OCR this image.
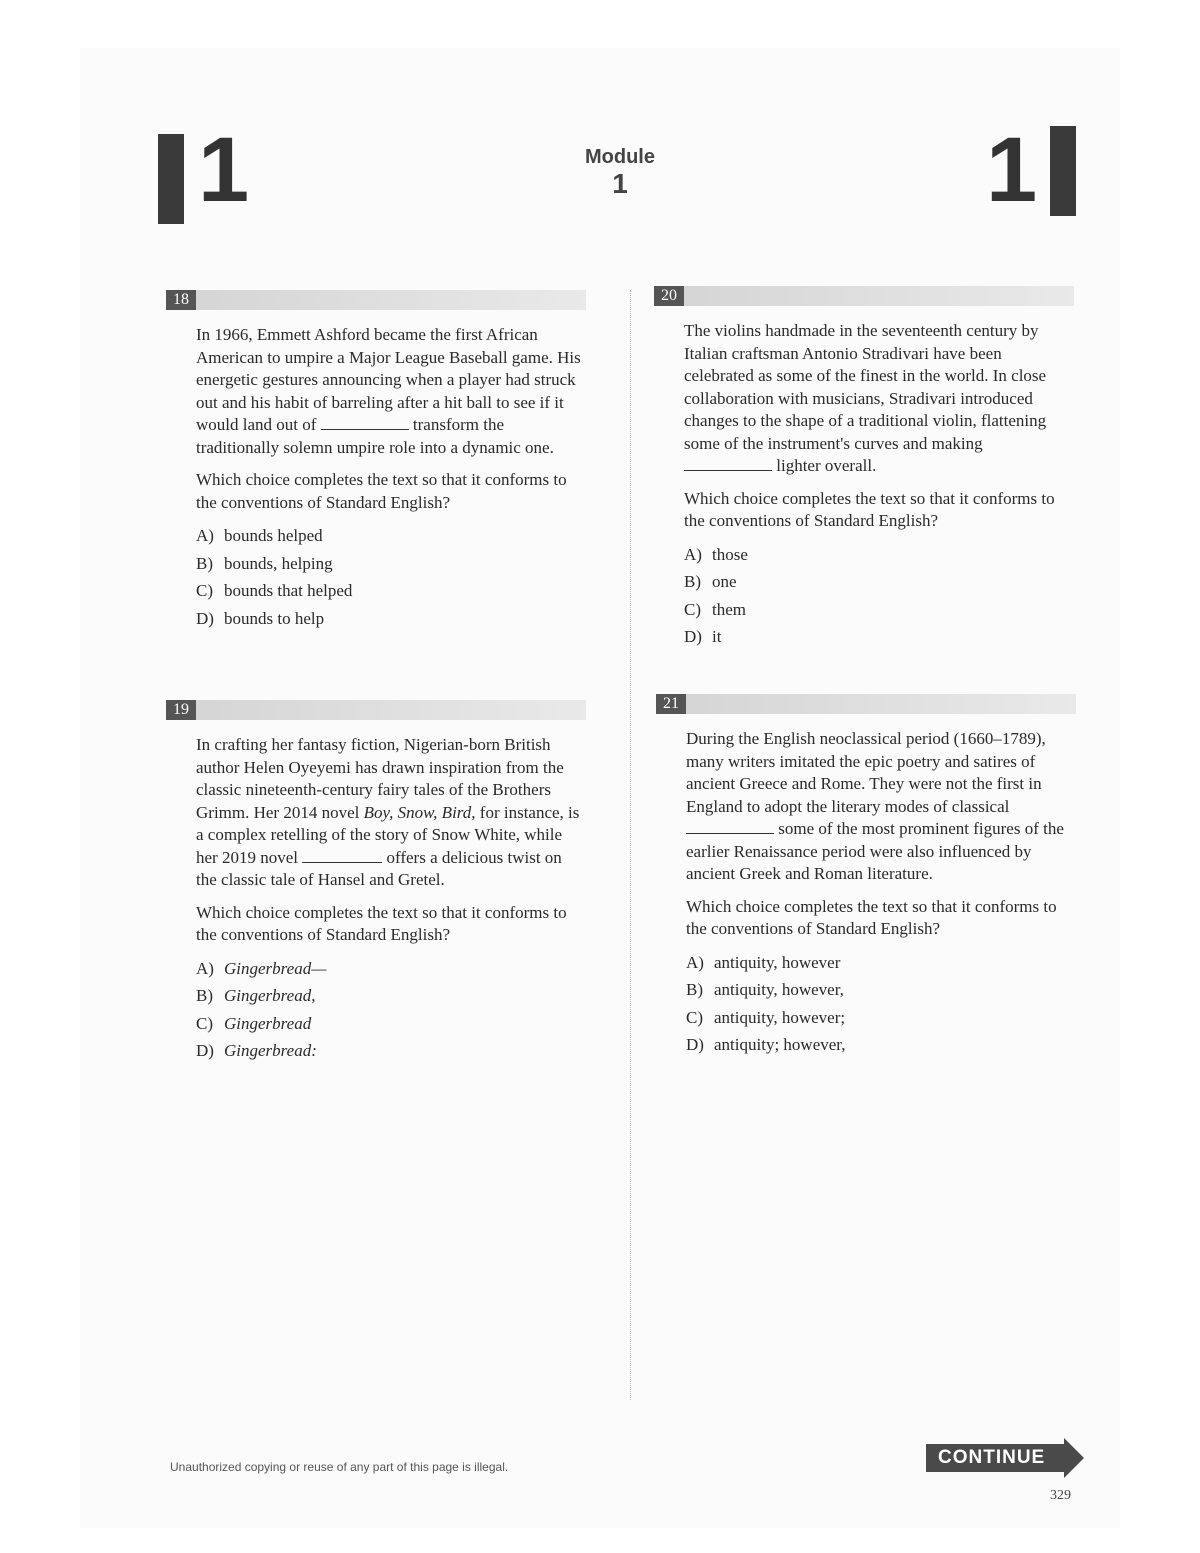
1	Module
1	1
18

In 1966, Emmett Ashford became the first African American to umpire a Major League Baseball game. His energetic gestures announcing when a player had struck out and his habit of barreling after a hit ball to see if it would land out of	transform the traditionally solemn umpire role into a dynamic one.

Which choice completes the text so that it conforms to the conventions of Standard English?

A) bounds helped
B) bounds, helping
C) bounds that helped
D) bounds to help
19

In crafting her fantasy fiction, Nigerian-born British author Helen Oyeyemi has drawn inspiration from the classic nineteenth-century fairy tales of the Brothers Grimm. Her 2014 novel Boy, Snow, Bird, for instance, is a complex retelling of the story of Snow White, while her 2019 novel	offers a delicious twist on the classic tale of Hansel and Gretel.

Which choice completes the text so that it conforms to the conventions of Standard English?

A) Gingerbread—
B) Gingerbread,
C) Gingerbread
D) Gingerbread:
20

The violins handmade in the seventeenth century by Italian craftsman Antonio Stradivari have been celebrated as some of the finest in the world. In close collaboration with musicians, Stradivari introduced changes to the shape of a traditional violin, flattening some of the instrument's curves and making  lighter overall.

Which choice completes the text so that it conforms to the conventions of Standard English?

A) those
B) one
C) them
D) it
21

During the English neoclassical period (1660–1789), many writers imitated the epic poetry and satires of ancient Greece and Rome. They were not the first in England to adopt the literary modes of classical  some of the most prominent figures of the earlier Renaissance period were also influenced by ancient Greek and Roman literature.

Which choice completes the text so that it conforms to the conventions of Standard English?

A) antiquity, however
B) antiquity, however,
C) antiquity, however;
D) antiquity; however,
Unauthorized copying or reuse of any part of this page is illegal.	CONTINUE
329
